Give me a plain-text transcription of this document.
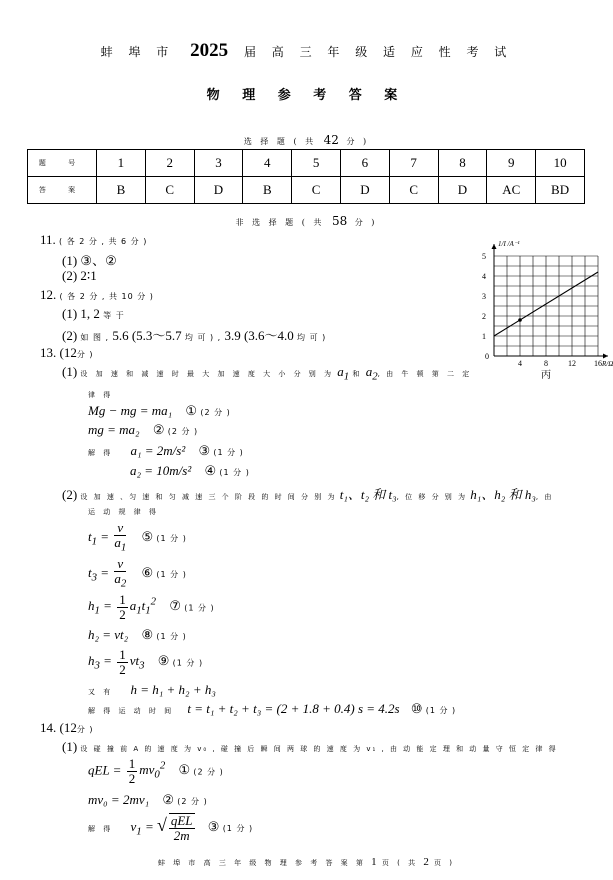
蚌 埠 市 2025 届 高 三 年 级 适 应 性 考 试
物 理 参 考 答 案
选 择 题 ( 共 42 分 )
题 号	1	2	3	4	5	6	7	8	9	10
答 案	B	C	D	B	C	D	C	D	AC	BD
非 选 择 题 ( 共 58 分 )
11. ( 各 2 分 , 共 6 分 )
(1) ③、②
(2) 2∶1
12. ( 各 2 分 , 共 10 分 )
(1) 1, 2 等 于
(2) 如 图 , 5.6 (5.3～5.7 均 可 ) , 3.9 (3.6～4.0 均 可 )
0
4	8	12 16
1
2
3
4
5
R/Ω
1/I /A⁻¹
丙
13. (12分 )
(1) 设 加 速 和 减 速 时 最 大 加 速 度 大 小 分 别 为 $a_1$ 和 $a_2$, 由 牛 顿 第 二 定
律 得
Mg − mg = ma₁ ① (2 分 )
mg = ma₂ ② (2 分 )
解 得 a₁ = 2m/s² ③ (1 分 )
a₂ = 10m/s² ④ (1 分 )
(2) 设 加 速 、匀 速 和 匀 减 速 三 个 阶 段 的 时 间 分 别 为 t₁、t₂ 和 t₃, 位 移 分 别 为 h₁、h₂ 和 h₃, 由
运 动 规 律 得
$t_1 = \frac{v}{a_1}$ ⑤ (1 分 )
$t_3 = \frac{v}{a_2}$ ⑥ (1 分 )
$h_1 = \frac{1}{2} a_1t_1^2$ ⑦ (1 分 )
h₂ = vt₂ ⑧ (1 分 )
$h_3 = \frac{1}{2} vt_3$ ⑨ (1 分 )
又 有 h = h₁ + h₂ + h₃
解 得 运 动 时 间 t = t₁ + t₂ + t₃ = (2 + 1.8 + 0.4) s = 4.2s ⑩ (1 分 )
14. (12分 )
(1) 设 碰 撞 前 A 的 速 度 为 v₀ , 碰 撞 后 瞬 间 两 球 的 速 度 为 v₁ , 由 动 能 定 理 和 动 量 守 恒 定 律 得
qEL = $\frac{1}{2} mv_0^2$ ① (2 分 )
mv₀ = 2mv₁ ② (2 分 )
解 得 $v_1$ = √ $\frac{\text{qEL}}{2m}$ ③ (1 分 )
蚌 埠 市 高 三 年 级 物 理 参 考 答 案 第 1 页 ( 共 2 页 )
